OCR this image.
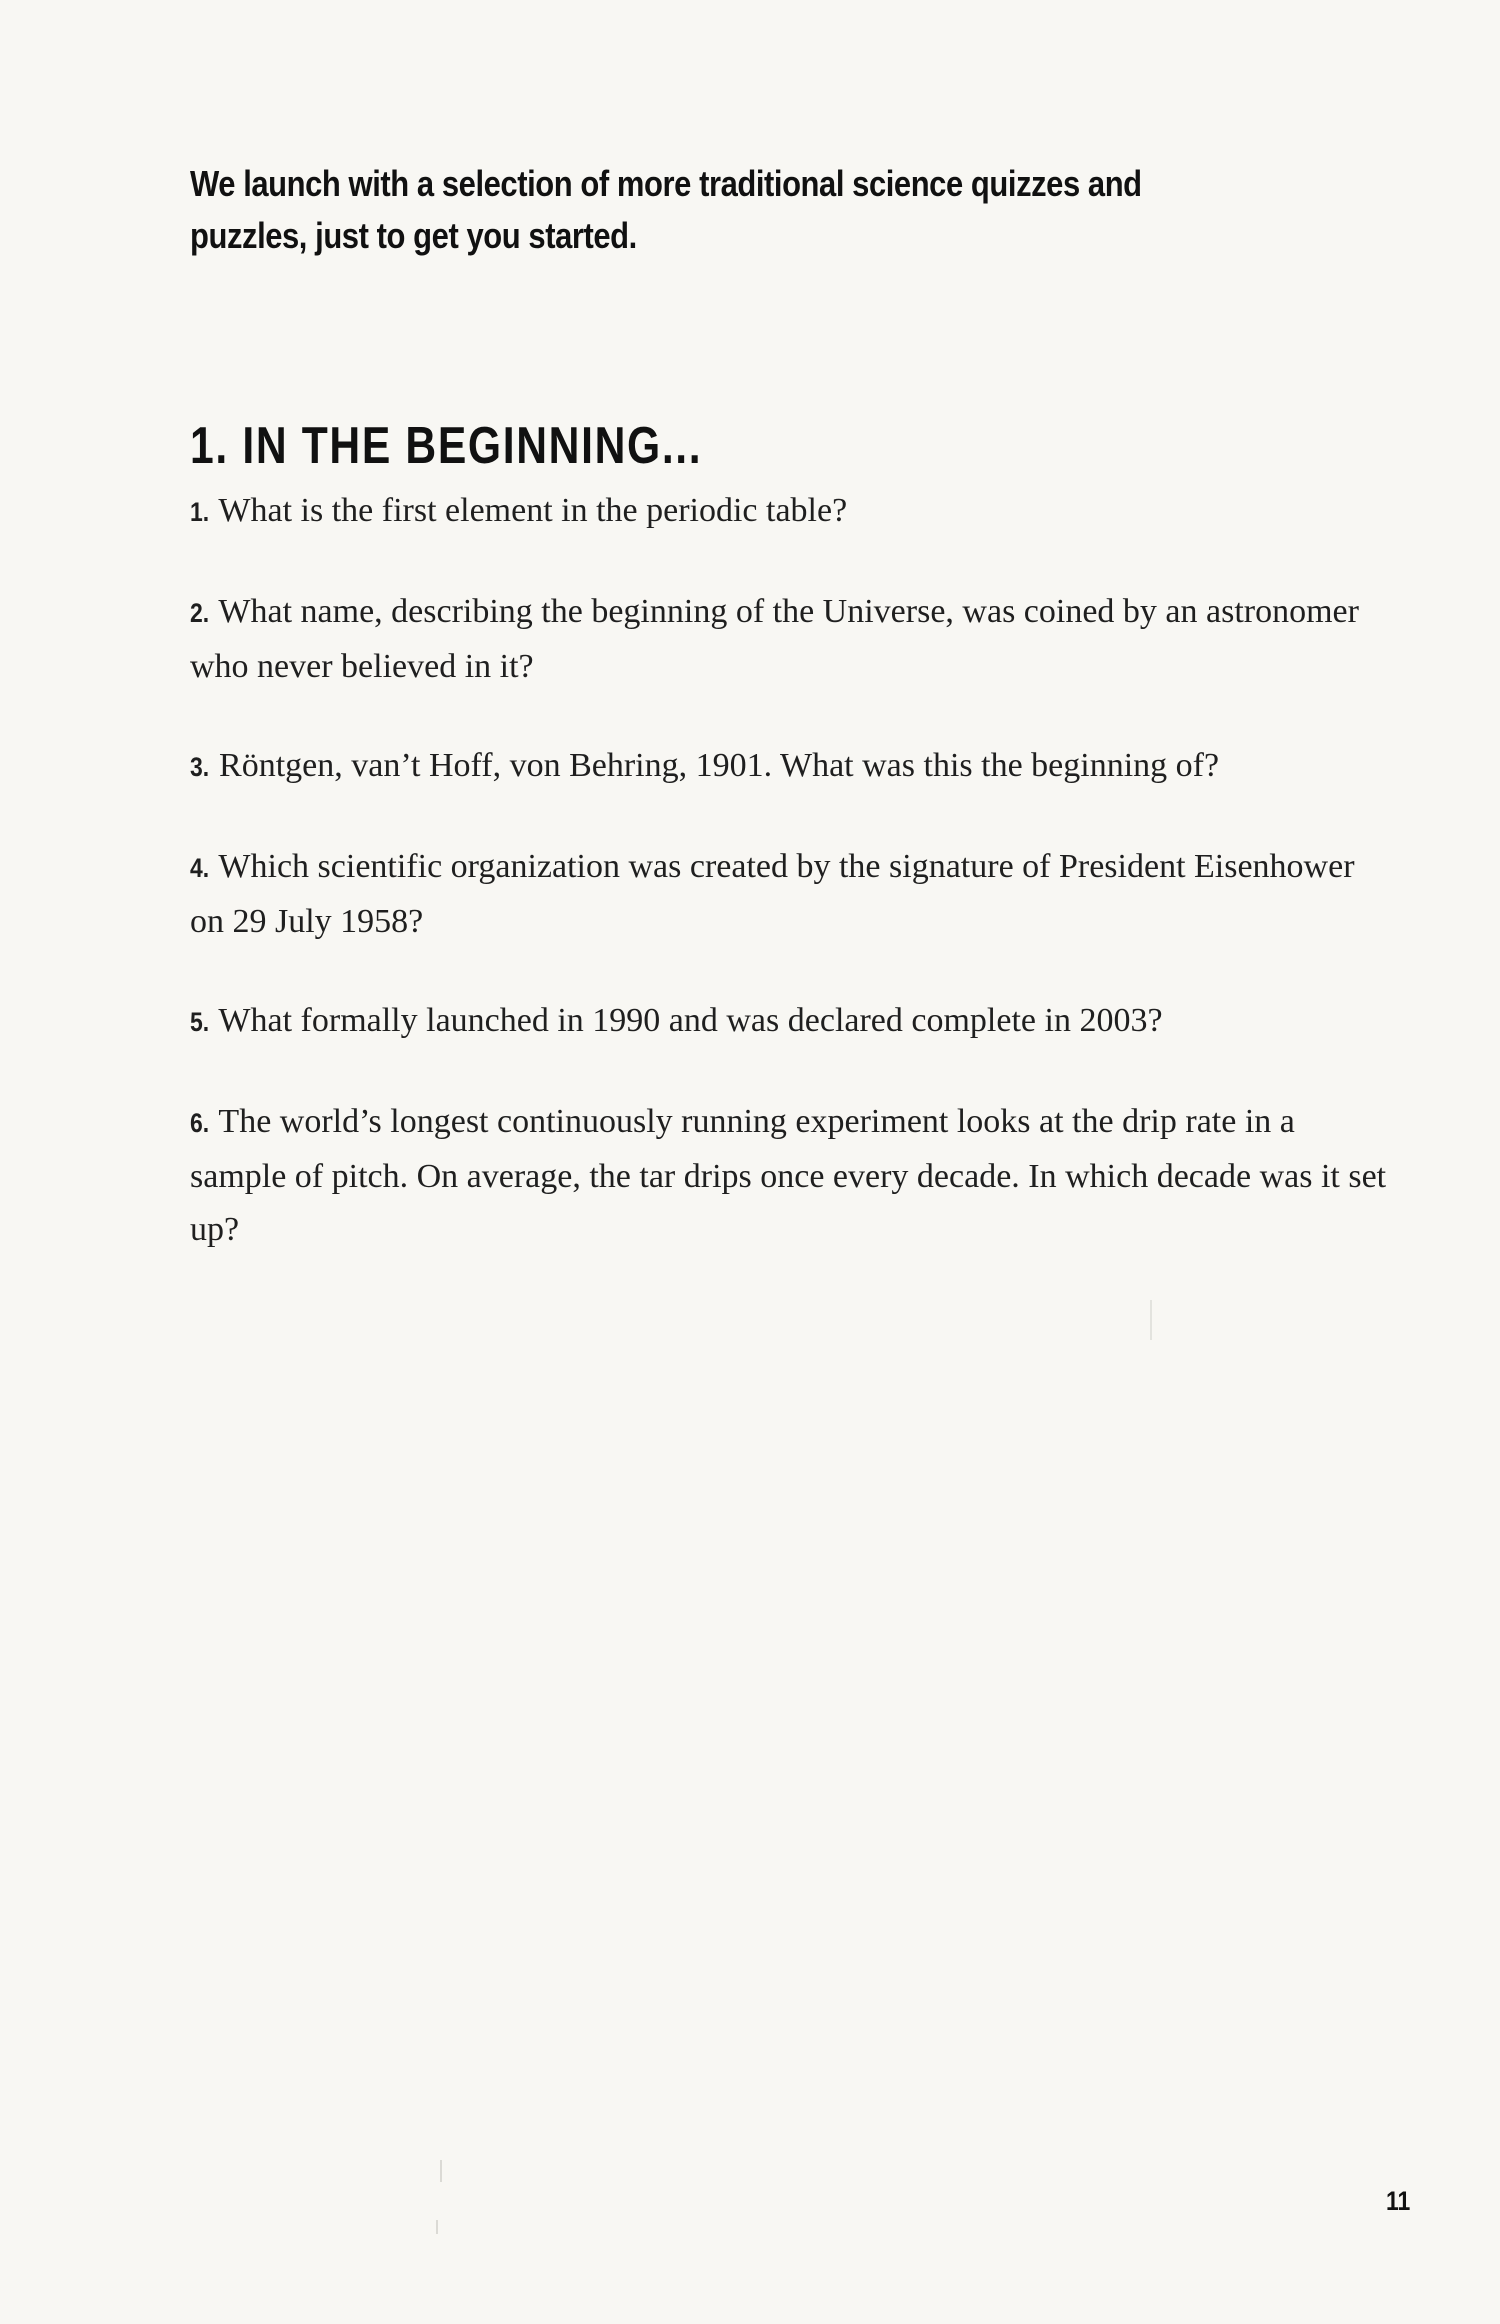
We launch with a selection of more traditional science quizzes and puzzles, just to get you started.
1. IN THE BEGINNING...

1. What is the first element in the periodic table?

2. What name, describing the beginning of the Universe, was coined by an astronomer who never believed in it?

3. Röntgen, van’t Hoff, von Behring, 1901. What was this the beginning of?

4. Which scientific organization was created by the signature of President Eisenhower on 29 July 1958?

5. What formally launched in 1990 and was declared complete in 2003?

6. The world’s longest continuously running experiment looks at the drip rate in a sample of pitch. On average, the tar drips once every decade. In which decade was it set up?

11
